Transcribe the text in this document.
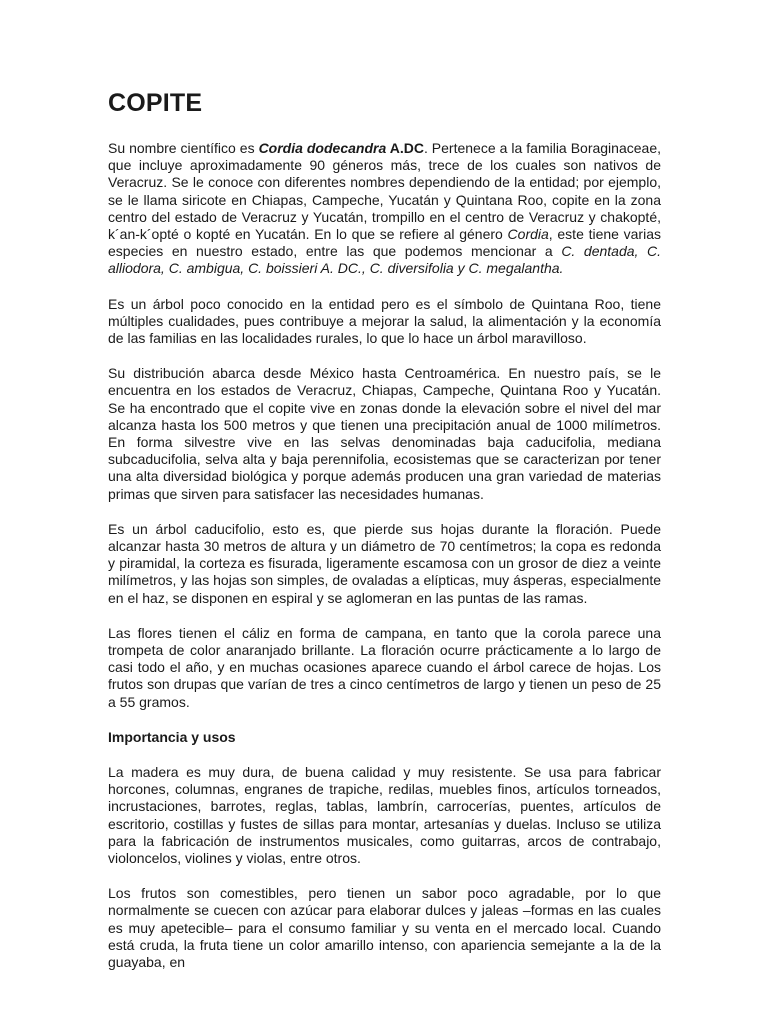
COPITE

Su nombre científico es Cordia dodecandra A.DC. Pertenece a la familia Boraginaceae, que incluye aproximadamente 90 géneros más, trece de los cuales son nativos de Veracruz. Se le conoce con diferentes nombres dependiendo de la entidad; por ejemplo, se le llama siricote en Chiapas, Campeche, Yucatán y Quintana Roo, copite en la zona centro del estado de Veracruz y Yucatán, trompillo en el centro de Veracruz y chakopté, k´an-k´opté o kopté en Yucatán. En lo que se refiere al género Cordia, este tiene varias especies en nuestro estado, entre las que podemos mencionar a C. dentada, C. alliodora, C. ambigua, C. boissieri A. DC., C. diversifolia y C. megalantha.

Es un árbol poco conocido en la entidad pero es el símbolo de Quintana Roo, tiene múltiples cualidades, pues contribuye a mejorar la salud, la alimentación y la economía de las familias en las localidades rurales, lo que lo hace un árbol maravilloso.

Su distribución abarca desde México hasta Centroamérica. En nuestro país, se le encuentra en los estados de Veracruz, Chiapas, Campeche, Quintana Roo y Yucatán. Se ha encontrado que el copite vive en zonas donde la elevación sobre el nivel del mar alcanza hasta los 500 metros y que tienen una precipitación anual de 1000 milímetros. En forma silvestre vive en las selvas denominadas baja caducifolia, mediana subcaducifolia, selva alta y baja perennifolia, ecosistemas que se caracterizan por tener una alta diversidad biológica y porque además producen una gran variedad de materias primas que sirven para satisfacer las necesidades humanas.

Es un árbol caducifolio, esto es, que pierde sus hojas durante la floración. Puede alcanzar hasta 30 metros de altura y un diámetro de 70 centímetros; la copa es redonda y piramidal, la corteza es fisurada, ligeramente escamosa con un grosor de diez a veinte milímetros, y las hojas son simples, de ovaladas a elípticas, muy ásperas, especialmente en el haz, se disponen en espiral y se aglomeran en las puntas de las ramas.

Las flores tienen el cáliz en forma de campana, en tanto que la corola parece una trompeta de color anaranjado brillante. La floración ocurre prácticamente a lo largo de casi todo el año, y en muchas ocasiones aparece cuando el árbol carece de hojas. Los frutos son drupas que varían de tres a cinco centímetros de largo y tienen un peso de 25 a 55 gramos.

Importancia y usos

La madera es muy dura, de buena calidad y muy resistente. Se usa para fabricar horcones, columnas, engranes de trapiche, redilas, muebles finos, artículos torneados, incrustaciones, barrotes, reglas, tablas, lambrín, carrocerías, puentes, artículos de escritorio, costillas y fustes de sillas para montar, artesanías y duelas. Incluso se utiliza para la fabricación de instrumentos musicales, como guitarras, arcos de contrabajo, violoncelos, violines y violas, entre otros.

Los frutos son comestibles, pero tienen un sabor poco agradable, por lo que normalmente se cuecen con azúcar para elaborar dulces y jaleas –formas en las cuales es muy apetecible– para el consumo familiar y su venta en el mercado local. Cuando está cruda, la fruta tiene un color amarillo intenso, con apariencia semejante a la de la guayaba, en
